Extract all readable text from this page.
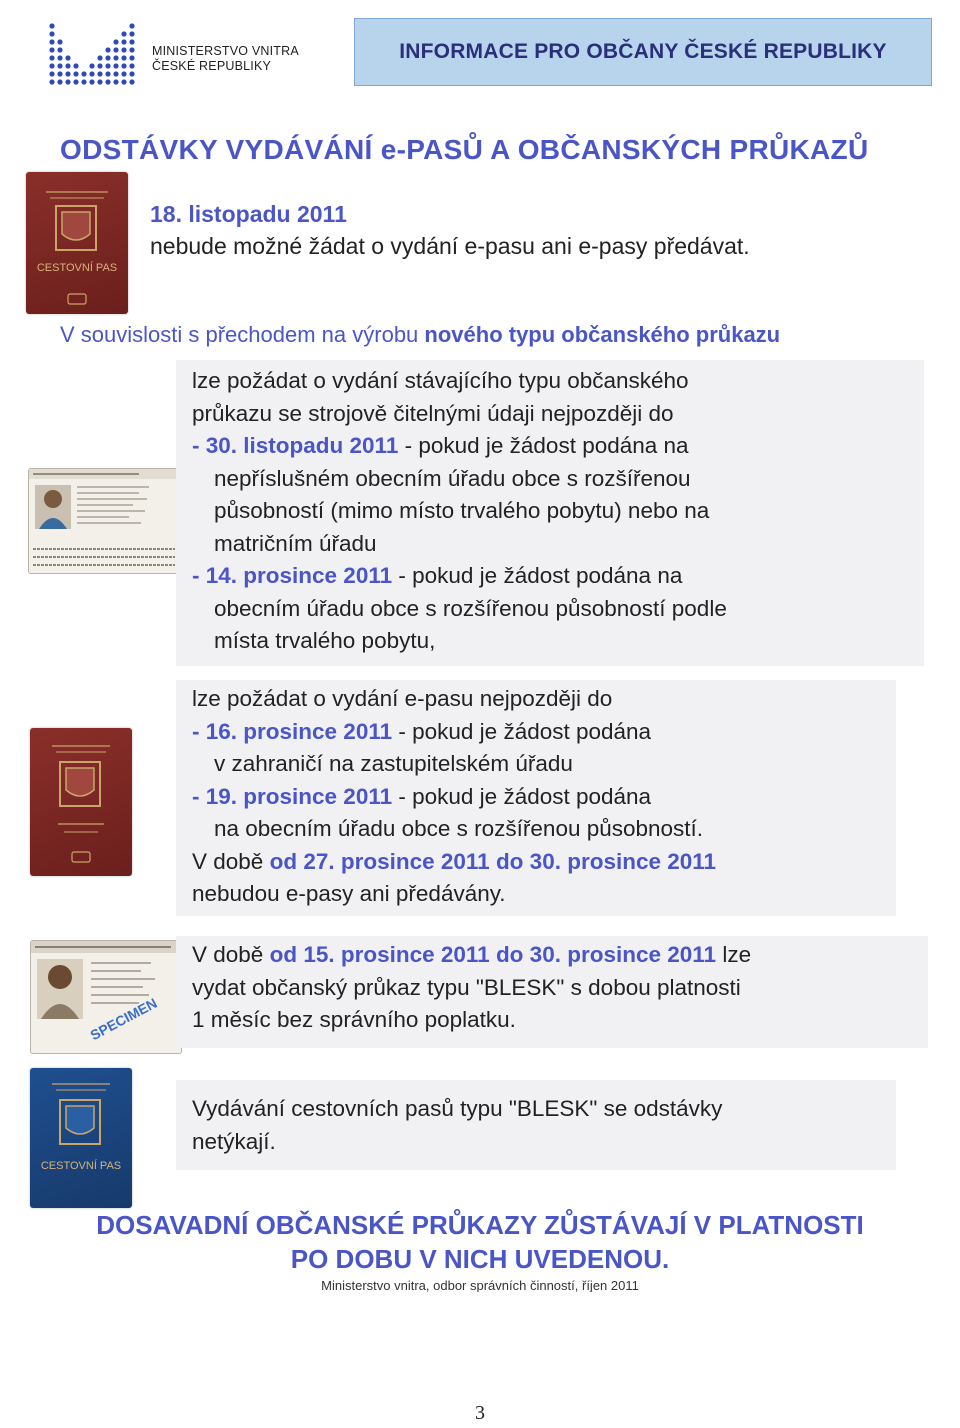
MINISTERSTVO VNITRA
ČESKÉ REPUBLIKY
INFORMACE PRO OBČANY ČESKÉ REPUBLIKY
ODSTÁVKY VYDÁVÁNÍ e-PASŮ A OBČANSKÝCH PRŮKAZŮ
CESTOVNÍ PAS
18. listopadu 2011
nebude možné žádat o vydání e-pasu ani e-pasy předávat.
V souvislosti s přechodem na výrobu nového typu občanského průkazu
lze požádat o vydání stávajícího typu občanského
průkazu se strojově čitelnými údaji nejpozději do
- 30. listopadu 2011 - pokud je žádost podána na
nepříslušném obecním úřadu obce s rozšířenou
působností (mimo místo trvalého pobytu) nebo na
matričním úřadu
- 14. prosince 2011 - pokud je žádost podána na
obecním úřadu obce s rozšířenou působností podle
místa trvalého pobytu,
lze požádat o vydání e-pasu nejpozději do
- 16. prosince 2011 - pokud je žádost podána
v zahraničí na zastupitelském úřadu
- 19. prosince 2011 - pokud je žádost podána
na obecním úřadu obce s rozšířenou působností.
V době od 27. prosince 2011 do 30. prosince 2011
nebudou e-pasy ani předávány.
SPECIMEN
V době od 15. prosince 2011 do 30. prosince 2011 lze
vydat občanský průkaz typu "BLESK" s dobou platnosti
1 měsíc bez správního poplatku.
CESTOVNÍ PAS
Vydávání cestovních pasů typu "BLESK" se odstávky
netýkají.
DOSAVADNÍ OBČANSKÉ PRŮKAZY ZŮSTÁVAJÍ V PLATNOSTI
PO DOBU V NICH UVEDENOU.
Ministerstvo vnitra, odbor správních činností, říjen 2011
3
